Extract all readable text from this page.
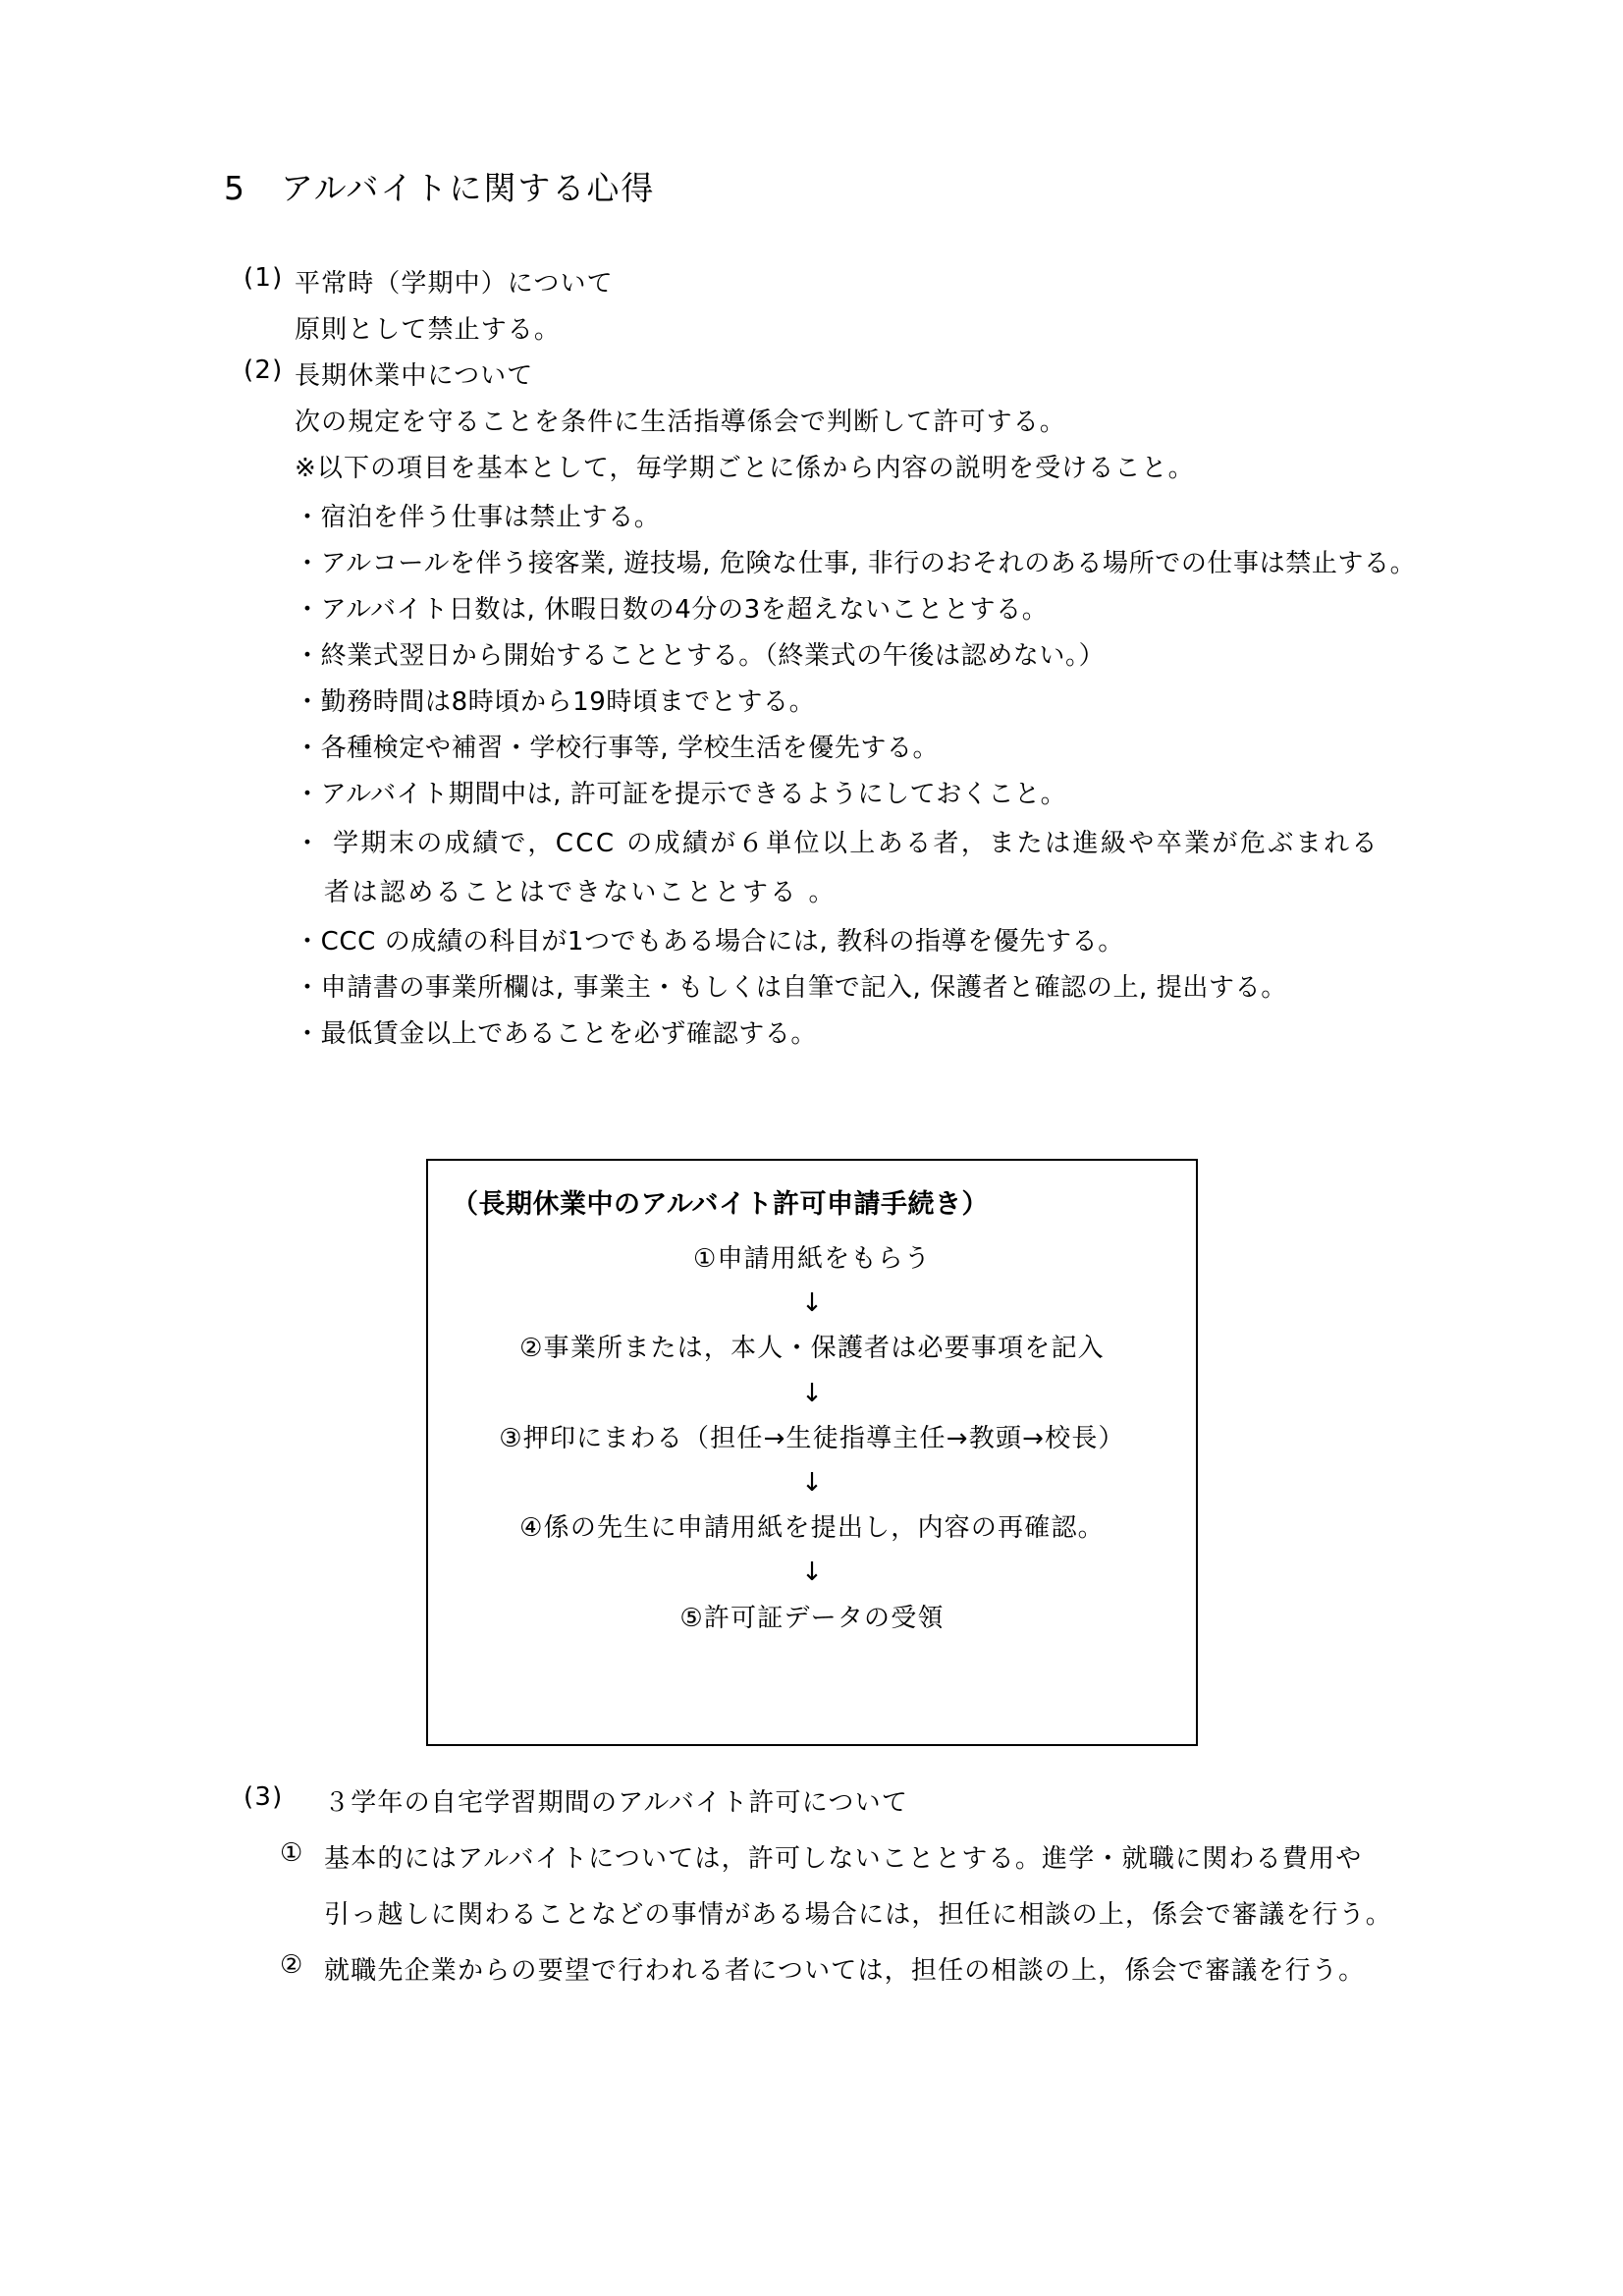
5　アルバイトに関する心得
(1) 平常時（学期中）について
原則として禁止する。
(2) 長期休業中について
次の規定を守ることを条件に生活指導係会で判断して許可する。
※以下の項目を基本として，毎学期ごとに係から内容の説明を受けること。
・宿泊を伴う仕事は禁止する。
・アルコールを伴う接客業, 遊技場, 危険な仕事, 非行のおそれのある場所での仕事は禁止する。
・アルバイト日数は, 休暇日数の4分の3を超えないこととする。
・終業式翌日から開始することとする。（終業式の午後は認めない。）
・勤務時間は8時頃から19時頃までとする。
・各種検定や補習・学校行事等, 学校生活を優先する。
・アルバイト期間中は, 許可証を提示できるようにしておくこと。
・ 学期末の成績で，CCC の成績が６単位以上ある者，または進級や卒業が危ぶまれる
者は認めることはできないこととする 。
・CCC の成績の科目が1つでもある場合には, 教科の指導を優先する。
・申請書の事業所欄は, 事業主・もしくは自筆で記入, 保護者と確認の上, 提出する。
・最低賃金以上であることを必ず確認する。
（長期休業中のアルバイト許可申請手続き）
①申請用紙をもらう
↓
②事業所または，本人・保護者は必要事項を記入
↓
③押印にまわる（担任→生徒指導主任→教頭→校長）
↓
④係の先生に申請用紙を提出し，内容の再確認。
↓
⑤許可証データの受領
(3) ３学年の自宅学習期間のアルバイト許可について
① 基本的にはアルバイトについては，許可しないこととする。進学・就職に関わる費用や
引っ越しに関わることなどの事情がある場合には，担任に相談の上，係会で審議を行う。
② 就職先企業からの要望で行われる者については，担任の相談の上，係会で審議を行う。
